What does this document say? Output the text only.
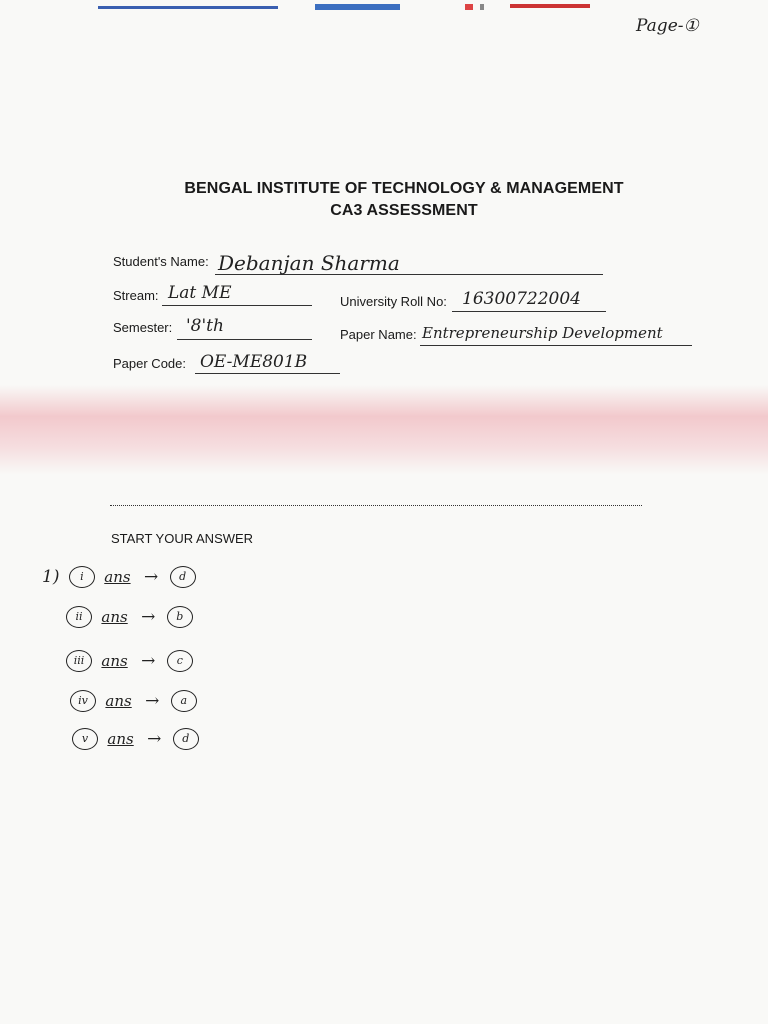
Page-①
BENGAL INSTITUTE OF TECHNOLOGY & MANAGEMENT
CA3 ASSESSMENT
Student's Name: Debanjan Sharma
Stream: Lat ME	University Roll No: 16300722004
Semester: '8'th	Paper Name: Entrepreneurship Development
Paper Code: OE-ME801B
START YOUR ANSWER
1) i ans → d
ii ans → b
iii ans → c
iv ans → a
v ans → d
